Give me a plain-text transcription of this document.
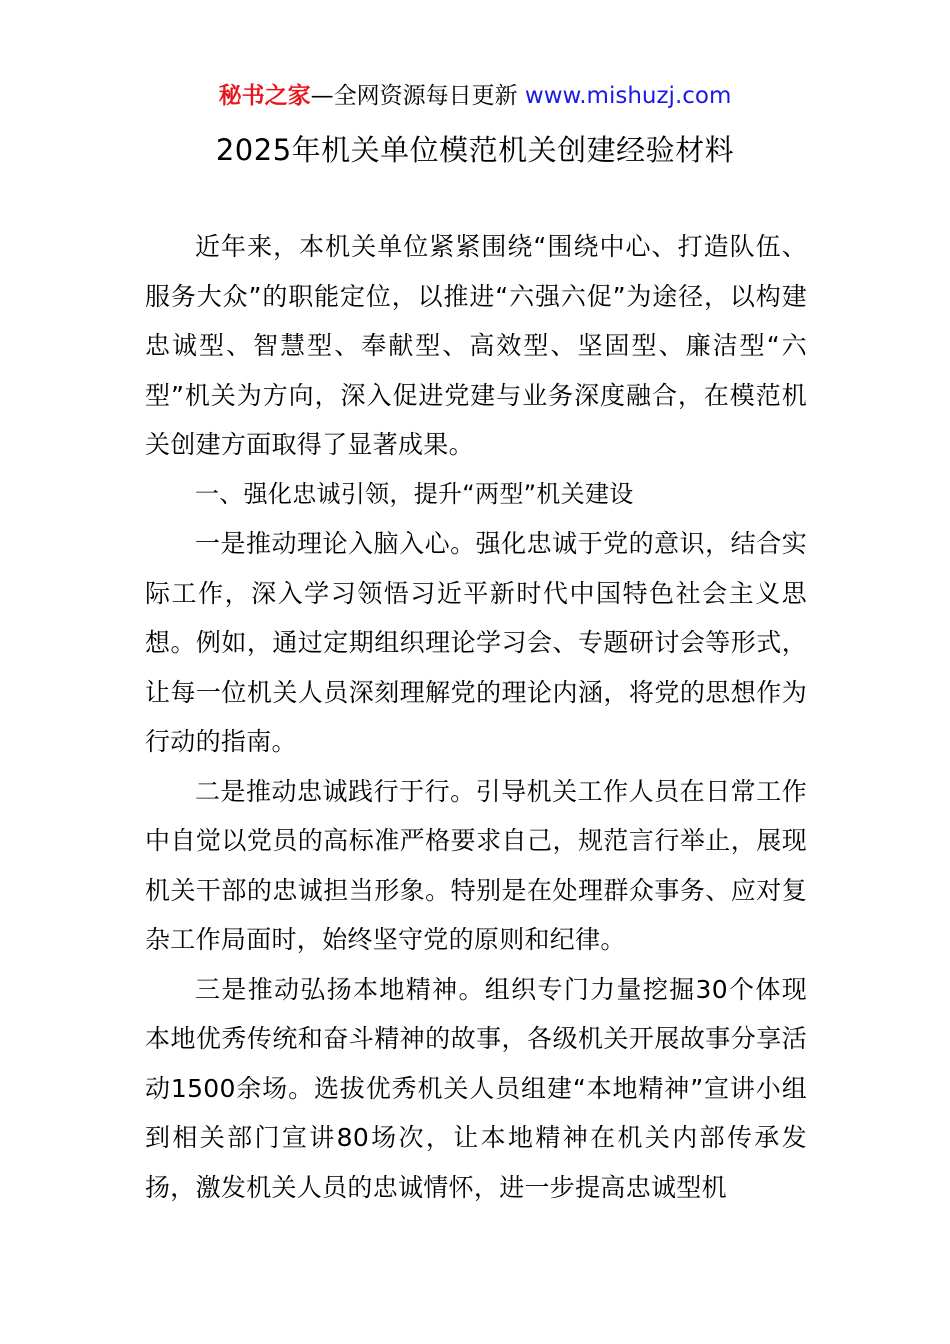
秘书之家—全网资源每日更新 www.mishuzj.com
2025年机关单位模范机关创建经验材料

近年来，本机关单位紧紧围绕“围绕中心、打造队伍、服务大众”的职能定位，以推进“六强六促”为途径，以构建忠诚型、智慧型、奉献型、高效型、坚固型、廉洁型“六型”机关为方向，深入促进党建与业务深度融合，在模范机关创建方面取得了显著成果。

一、强化忠诚引领，提升“两型”机关建设

一是推动理论入脑入心。强化忠诚于党的意识，结合实际工作，深入学习领悟习近平新时代中国特色社会主义思想。例如，通过定期组织理论学习会、专题研讨会等形式，让每一位机关人员深刻理解党的理论内涵，将党的思想作为行动的指南。

二是推动忠诚践行于行。引导机关工作人员在日常工作中自觉以党员的高标准严格要求自己，规范言行举止，展现机关干部的忠诚担当形象。特别是在处理群众事务、应对复杂工作局面时，始终坚守党的原则和纪律。

三是推动弘扬本地精神。组织专门力量挖掘30个体现本地优秀传统和奋斗精神的故事，各级机关开展故事分享活动1500余场。选拔优秀机关人员组建“本地精神”宣讲小组到相关部门宣讲80场次，让本地精神在机关内部传承发扬，激发机关人员的忠诚情怀，进一步提高忠诚型机
